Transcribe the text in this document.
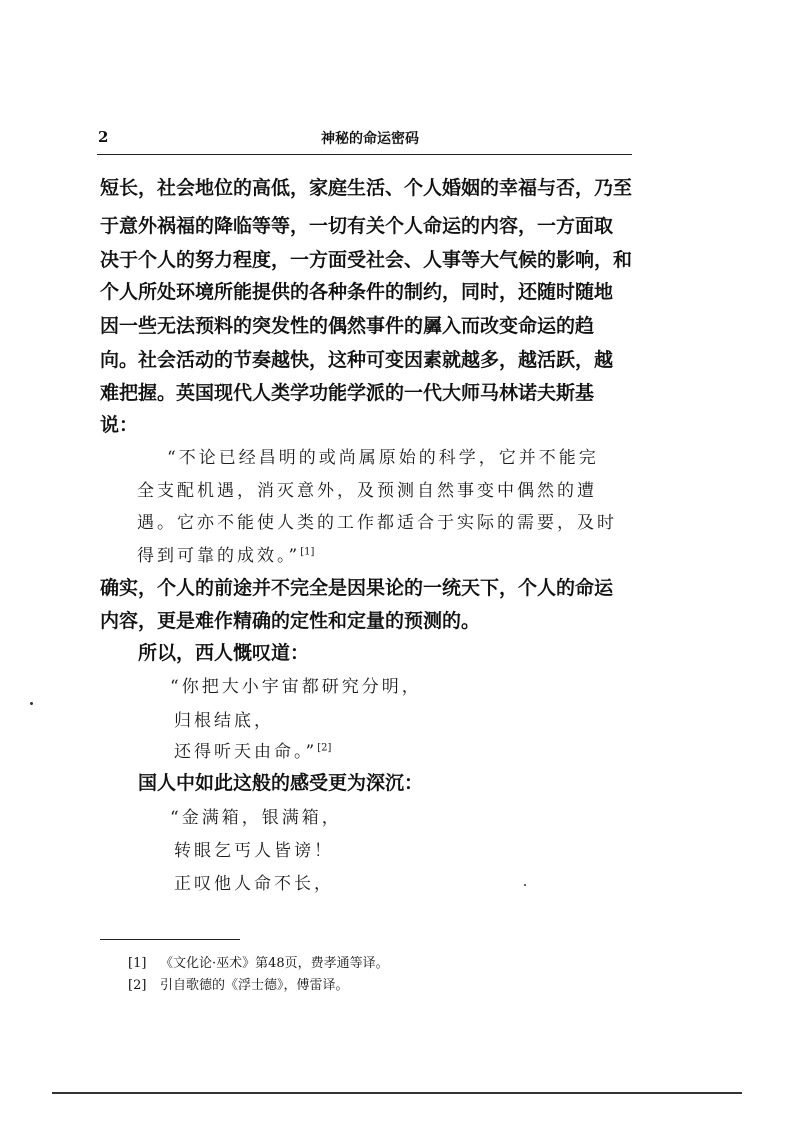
2	神秘的命运密码
短长，社会地位的高低，家庭生活、个人婚姻的幸福与否，乃至
于意外祸福的降临等等，一切有关个人命运的内容，一方面取
决于个人的努力程度，一方面受社会、人事等大气候的影响，和
个人所处环境所能提供的各种条件的制约，同时，还随时随地
因一些无法预料的突发性的偶然事件的羼入而改变命运的趋
向。社会活动的节奏越快，这种可变因素就越多，越活跃，越
难把握。英国现代人类学功能学派的一代大师马林诺夫斯基
说：
“不论已经昌明的或尚属原始的科学，它并不能完
全支配机遇，消灭意外，及预测自然事变中偶然的遭
遇。它亦不能使人类的工作都适合于实际的需要，及时
得到可靠的成效。”[1]
确实，个人的前途并不完全是因果论的一统天下，个人的命运
内容，更是难作精确的定性和定量的预测的。
所以，西人慨叹道：
“你把大小宇宙都研究分明，
归根结底，
还得听天由命。”[2]
国人中如此这般的感受更为深沉：
“金满箱，银满箱，
转眼乞丐人皆谤！
正叹他人命不长，
[1] 《文化论·巫术》第48页，费孝通等译。
[2] 引自歌德的《浮士德》，傅雷译。
